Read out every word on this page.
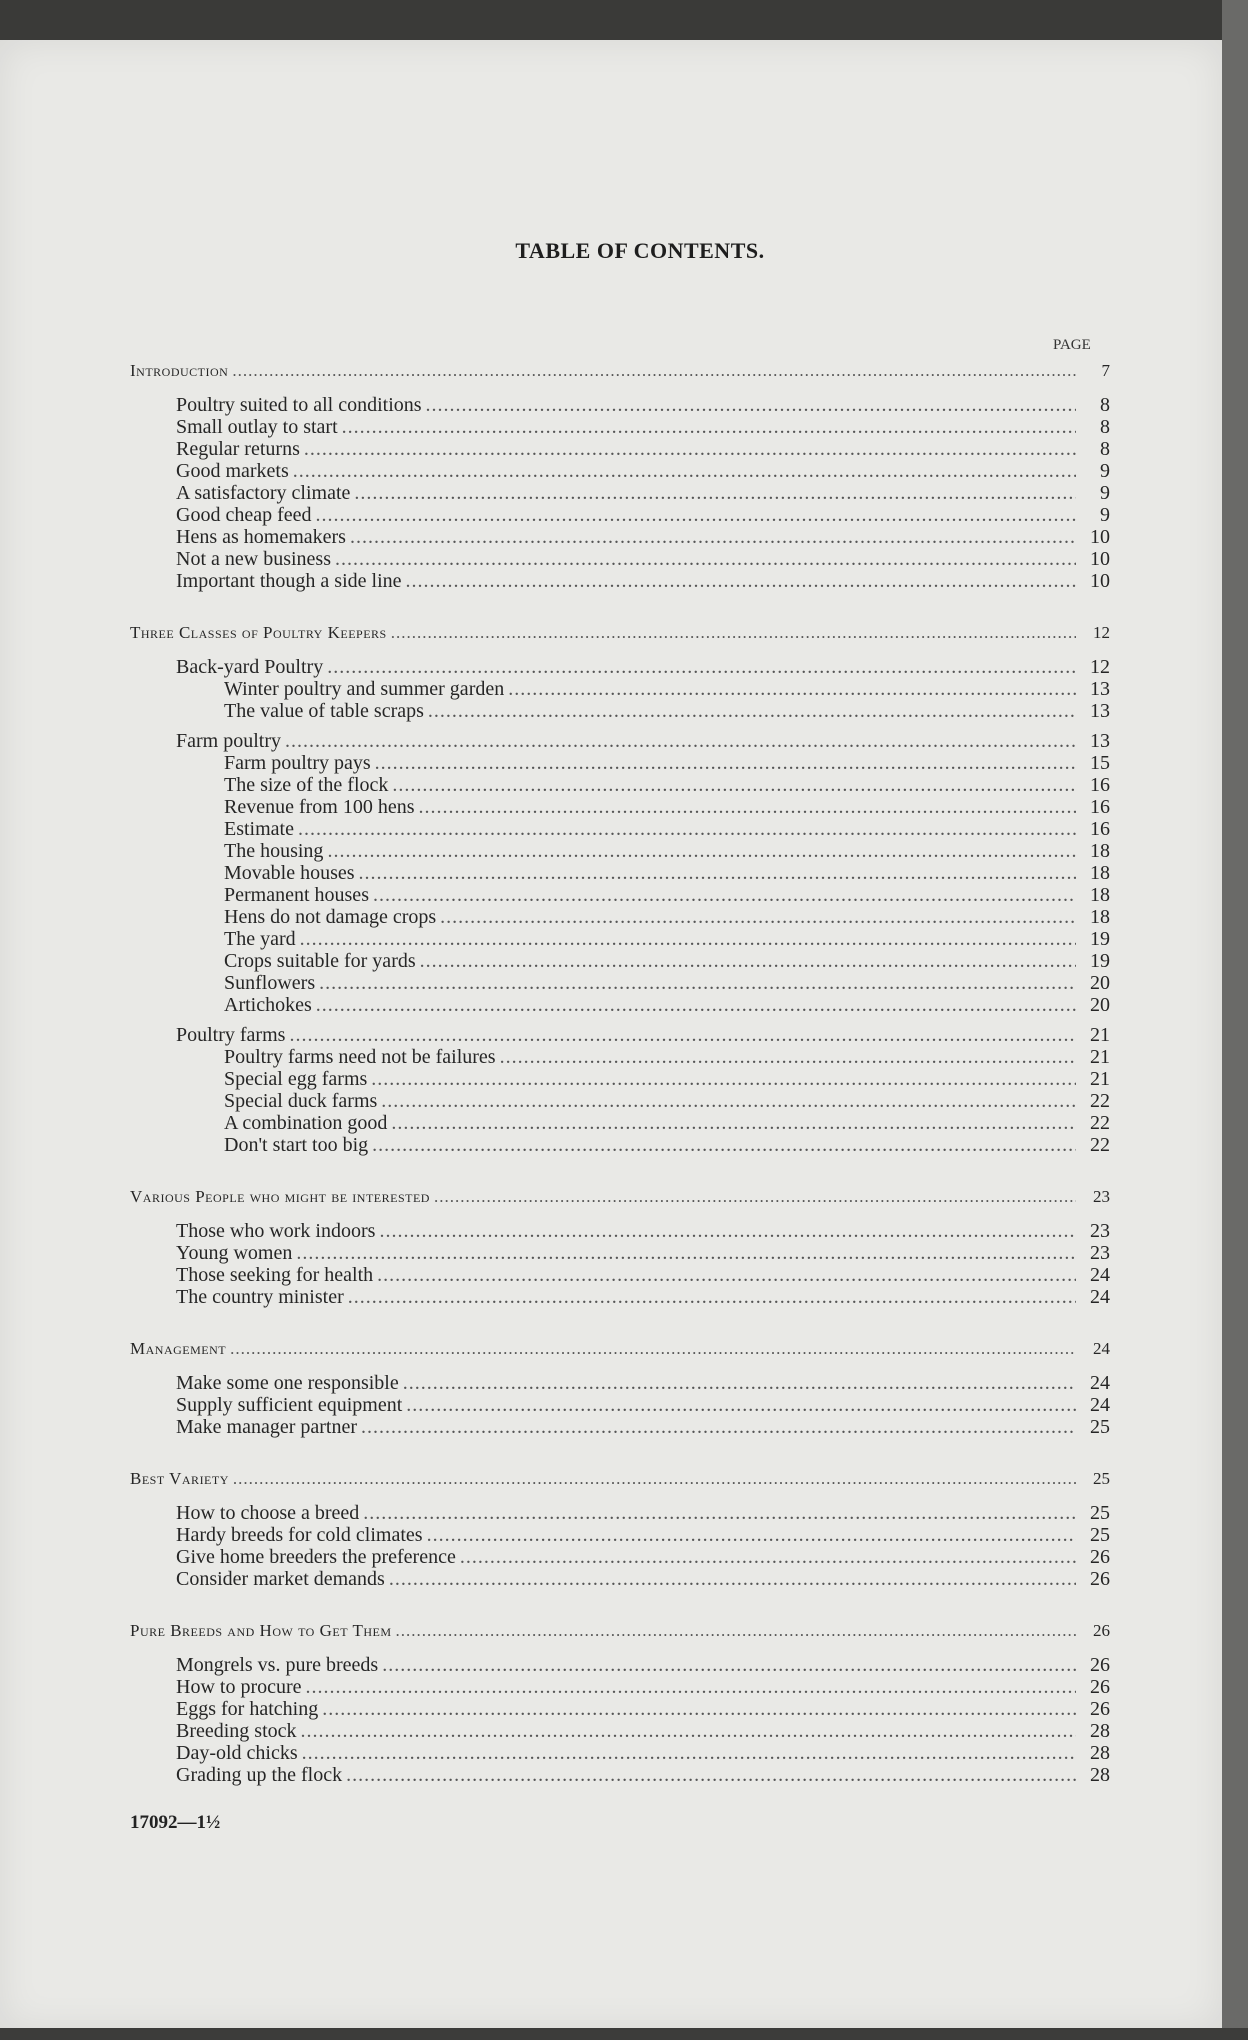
TABLE OF CONTENTS.
PAGE
Introduction .....	7
Poultry suited to all conditions .....	8
Small outlay to start .....	8
Regular returns .....	8
Good markets .....	9
A satisfactory climate .....	9
Good cheap feed .....	9
Hens as homemakers .....	10
Not a new business .....	10
Important though a side line .....	10
Three Classes of Poultry Keepers .....	12
Back-yard Poultry .....	12
Winter poultry and summer garden .....	13
The value of table scraps .....	13
Farm poultry .....	13
Farm poultry pays .....	15
The size of the flock .....	16
Revenue from 100 hens .....	16
Estimate .....	16
The housing .....	18
Movable houses .....	18
Permanent houses .....	18
Hens do not damage crops .....	18
The yard .....	19
Crops suitable for yards .....	19
Sunflowers .....	20
Artichokes .....	20
Poultry farms .....	21
Poultry farms need not be failures .....	21
Special egg farms .....	21
Special duck farms .....	22
A combination good .....	22
Don't start too big .....	22
Various People who might be interested .....	23
Those who work indoors .....	23
Young women .....	23
Those seeking for health .....	24
The country minister .....	24
Management .....	24
Make some one responsible .....	24
Supply sufficient equipment .....	24
Make manager partner .....	25
Best Variety .....	25
How to choose a breed .....	25
Hardy breeds for cold climates .....	25
Give home breeders the preference .....	26
Consider market demands .....	26
Pure Breeds and How to Get Them .....	26
Mongrels vs. pure breeds .....	26
How to procure .....	26
Eggs for hatching .....	26
Breeding stock .....	28
Day-old chicks .....	28
Grading up the flock .....	28
17092—1½
